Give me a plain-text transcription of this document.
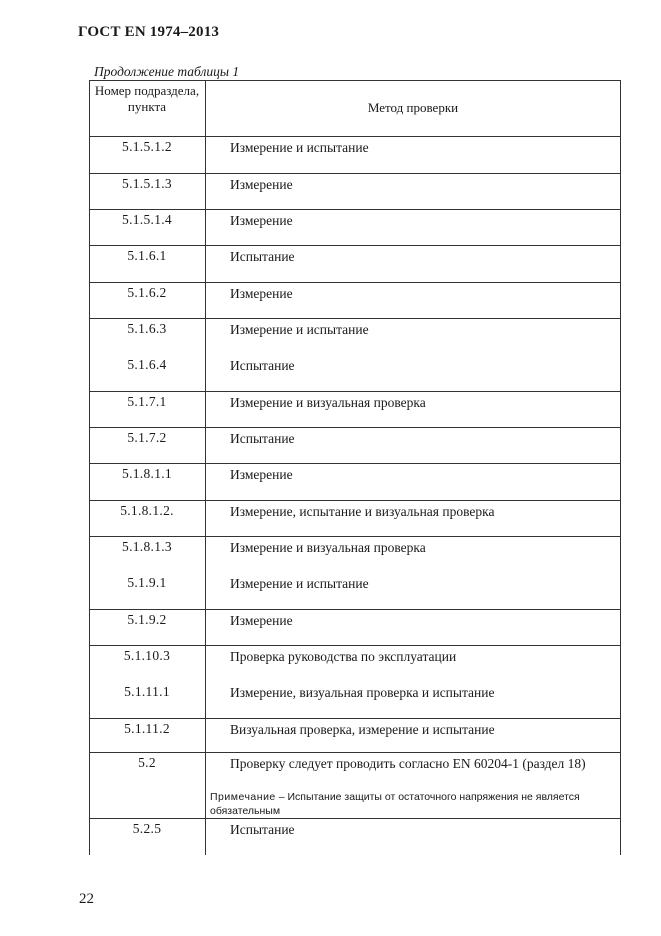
ГОСТ EN 1974–2013
Продолжение таблицы 1
Номер подраздела, пункта	Метод проверки
5.1.5.1.2	Измерение и испытание
5.1.5.1.3	Измерение
5.1.5.1.4	Измерение
5.1.6.1	Испытание
5.1.6.2	Измерение
5.1.6.3	Измерение и испытание
5.1.6.4	Испытание
5.1.7.1	Измерение и визуальная проверка
5.1.7.2	Испытание
5.1.8.1.1	Измерение
5.1.8.1.2.	Измерение, испытание и визуальная проверка
5.1.8.1.3	Измерение и визуальная проверка
5.1.9.1	Измерение и испытание
5.1.9.2	Измерение
5.1.10.3	Проверка руководства по эксплуатации
5.1.11.1	Измерение, визуальная проверка и испытание
5.1.11.2	Визуальная проверка, измерение и испытание
5.2	Проверку следует проводить согласно EN 60204-1 (раздел 18)
Примечание – Испытание защиты от остаточного напряжения не является обязательным
5.2.5	Испытание
22
